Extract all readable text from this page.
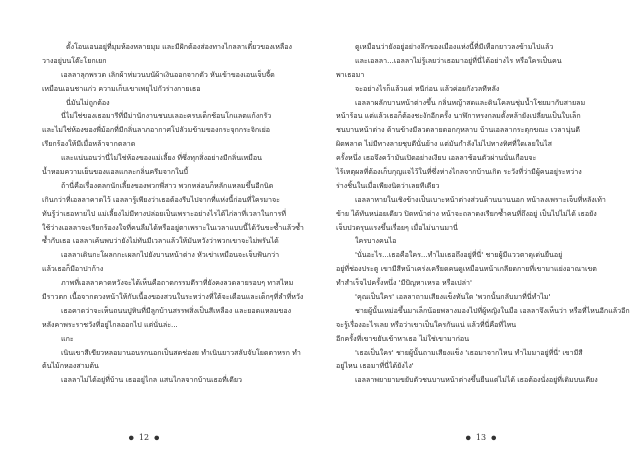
ตั้งโอนเอนอยู่ที่มุมห้องหลายมุม และมีฝักต้องส่องทางไกลลาเดี๋ยวของเหลือง
วางอยู่บนโต๊ะโยกเยก
เอลลาลุกพรวด เลิกผ้าห่มวนบนัผ้าเงินออกจากตัว หันเข้าของเอนเจ็บจี้ด
เหมือนเอนชาแก่ว ความเก็บเขาเพยุไปกัวร่างกายเธอ
นี่มันไม่ถูกต้อง
นี่ไม่ใช่ของเธอมารีที่มีม่านักงานชนบเลอะครบเด็กช้อนโกแลตแก้งกรัว
และไม่ใช่ห้องของพี่ม้อกที่มีกลิ่นลาภอากาศโปลัวมข้ามของกระจุกกระจิกเย่อ
เรียกร้องให้มีเมื่อหล้าจากตลาด
และแน่นอนว่านี่ไม่ใช่ห้องของแม่เลี้ยง ที่ซึ่งทุกสิ่งอย่างมีกลิ่นเหมือน
น้ำหอมความเย็นของแอลแกละกลิ่นครีมจากในบี้
ถ้านี่คือเรื่องตลกนักเลี้ยงของพวกพี่สาว พวกหล่อนก็หลักแหลมขึ้นอีกนิด
เกินกว่าที่เอลลาคาดไว้ เอลลารู้เพียงว่าเธอต้องรีบไปจากที่แห่งนี้ก่อนที่ใครมาจะ
ทันรู้ว่าเธอหายไป แม่เลี้ยงไม่มีทางปล่อยเป็นเพราะอย่างไรได้ไก่ลาที่เวลาในการที่
ใช้ว่างเอลลาจะเรียกร้องงใจที่คนลืมได้หรืออยู่ตาเพราะในเวลาแบบนี้ได้วันขะซ้ำแล้วซ้ำ
ซ้ำกับเธอ เอลลาเค้นพบว่ายังไม่ทันมีเวลาแล้วให้มันหวังว่าพวกเขาจะไม่พรันได้
เอลลาเดินกะโผลกกะเผลกไปยังบานหน้าต่าง หัวเข่าเหมือนจะเจ็บฟันกว่า
แล้วเธอก็มีอาปาก้าง
ภาพที่เอลลาคาดหวังจะได้เห็นคือถาดกรรมตีราที่ยังคงลวดลายรอบๆ ทาสไหม
มีราวตก เนื้อจากดวงหน้าให้กับเนื้องของสวนในระหว่างที่ใต้จะเดือนและเด็กๆที่ลำที่หวัง
เธอคาดว่าจะเห็นถนนปูหินที่มีลูกบ้านสรรพสิ่งเป็นสีเหลือง และยอดแหลมของ
หลังคาพระราชวังที่อยู่ไกลออกไป แต่นั่นล่ะ...
แกะ
เนินเขาสีเขียวหลอมานอนรกนอกเป็นสดช่องย ทำเนินยาวสลับจับโยดตาหรก ทำ
ต้นไม้กหองสามต้น
เอลลาไม่ได้อยู่ที่บ้าน เธออยู่ไกล แสนไกลจากบ้านเธอที่เดียว
ดูเหมือนว่ายังอยู่อย่างลึกของเมืองแห่งนี้ที่มีเทือกยาวลงข้ามไปแล้ว
และเอลลา...เอลลาไม่รู้เลยว่าเธอมาอยู่ที่นี่ได้อย่างไร หรือใครเป็นคน
พาเธอมา
จะอย่างไรก็แล้วแต่ หนีก่อน แล้วค่อยกังวลทีหลัง
เอลลาผลักบานหน้าต่างขึ้น กลิ่นหญ้าสดและดินโคลนชุ่มน้ำโชยมากับสายลม
หน้าร้อน แต่แล้วเธอก็ต้องชะงักอีกครั้ง นาฬิกาทรงกลมตั้งหล้ายังเปลี่ยนเป็นใบเล็ก
ชนบานหน้าต่าง ด้านข้างมีลวดลายดอกกุหลาบ บ้านเอลลากระตุกขณะ เวลานุ่นดี
ผิดพลาด ไม่มีทางลายชุบดีนั่นย้าง แต่มันกำลังไม่ไปทางทิศที่ใดเลยในไส
ครั้งหนึ่ง เธอจึงคว้ามันเปิดอย่างเงียบ เอลลาช้อนตัวผ่านนั่นเกือบจะ
ไร้เหตุผลที่ต้องเก็บกุญแจไว้ในที่ซึ่งห่างไกลจากบ้านเกิด ระวังที่ว่ามีผู้คนอยู่ระหว่าง
ร่างชิ้นในเมื่อเพียงนิดว่าเลยทีเดียว
เอลลาหายในเชิงข้างเป็นเบาะหน้าต่างส่วนด้านนานนอก หน้าลงเพราะเจ็บที่หลังเท้า
ข้าย ได้ทันหน่อยเดียว ปิดหน้าต่าง หน้าจะถลาดงเรียกซ้ำคนที่ถึงอยู่ เป็นไปไม่ได้ เธอยัง
เจ็บปวดรุนแรงขึ้นเรื่อยๆ เมื่อไม่นานมานี่
ใครบางคนไอ
'นั่นอะไร...เธอคือใคร...ทำไมเธอถึงอยู่ที่นี่' ชายผู้มีแววตาดุเด่นยืนอยู่
อยู่ที่ช่องประตู เขามีสีหน้าเคร่งเครียดคนดูเหมือนหน้าเกลียดกายที่เขามาแย่งอาณาเขต
ทำสำเร็จไปครั้งหนึ่ง 'มีปัญหาเหรอ หรือเปล่า'
'คุณเป็นใคร' เอลลาถามเสียงแข็งทันใด 'พวกนั้นกลับมาที่นี่ทำไม'
ชายผู้นั้นเหม่อขึ้นมาเล็กน้อยพลางมองไปที่ผู้หญิงในมือ เอลลาจึงเห็นว่า หรือที่ไหนอีกแล้วอีก
จะรู้เรื่องอะไรเลย หรือว่าเขาเป็นใครกันแน่ แล้วที่นี่คือที่ไหน
อีกครั้งที่เขาขยับเข้าหาเธอ ไม่ใช่เขามาก่อน
'เธอเป็นใคร' ชายผู้นั้นถามเสียงแข็ง 'เธอมาจากไหน ทำไมมาอยู่ที่นี่' เขามีสี
อยู่ไหน เธอมาที่นี่ได้ยังไง'
เอลลาพยายามขยับตัวชนบานหน้าต่างขึ้นยืนแต่ไม่ได้ เธอต้องนั่งอยู่ที่เดิมบนเตียง
● 12 ●	● 13 ●
